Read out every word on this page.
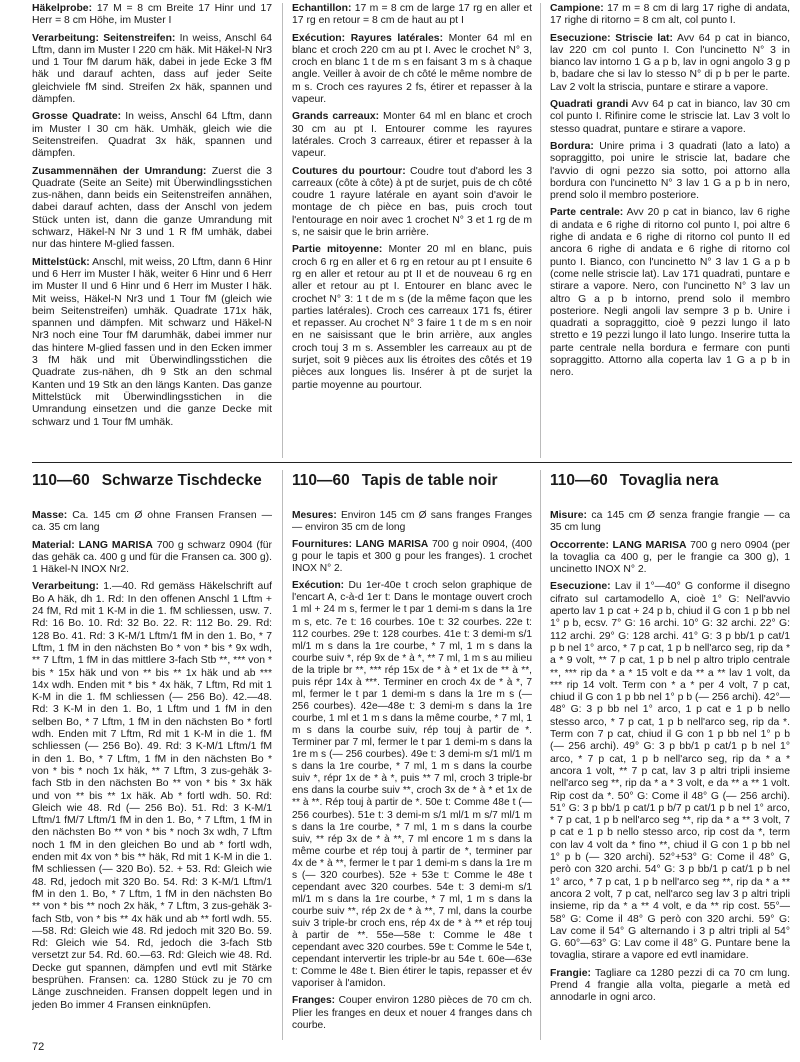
Häkelprobe: 17 M = 8 cm Breite 17 Hinr und 17 Herr = 8 cm Höhe, im Muster I

Verarbeitung: Seitenstreifen: In weiss, Anschl 64 Lftm, dann im Muster I 220 cm häk. Mit Häkel-N Nr3 und 1 Tour fM darum häk, dabei in jede Ecke 3 fM häk und darauf achten, dass auf jeder Seite gleichviele fM sind. Streifen 2x häk, spannen und dämpfen.

Grosse Quadrate: In weiss, Anschl 64 Lftm, dann im Muster I 30 cm häk. Umhäk, gleich wie die Seitenstreifen. Quadrat 3x häk, spannen und dämpfen.

Zusammennähen der Umrandung: Zuerst die 3 Quadrate (Seite an Seite) mit Überwindlingsstichen zus-nähen, dann beids ein Seitenstreifen annähen, dabei darauf achten, dass der Anschl von jedem Stück unten ist, dann die ganze Umrandung mit schwarz, Häkel-N Nr 3 und 1 R fM umhäk, dabei nur das hintere M-glied fassen.

Mittelstück: Anschl, mit weiss, 20 Lftm, dann 6 Hinr und 6 Herr im Muster I häk, weiter 6 Hinr und 6 Herr im Muster II und 6 Hinr und 6 Herr im Muster I häk. Mit weiss, Häkel-N Nr3 und 1 Tour fM (gleich wie beim Seitenstreifen) umhäk. Quadrate 171x häk, spannen und dämpfen. Mit schwarz und Häkel-N Nr3 noch eine Tour fM darumhäk, dabei immer nur das hintere M-glied fassen und in den Ecken immer 3 fM häk und mit Überwindlingsstichen die Quadrate zus-nähen, dh 9 Stk an den schmal Kanten und 19 Stk an den längs Kanten. Das ganze Mittelstück mit Überwindlingsstichen in die Umrandung einsetzen und die ganze Decke mit schwarz und 1 Tour fM umhäk.

Echantillon: 17 m = 8 cm de large 17 rg en aller et 17 rg en retour = 8 cm de haut au pt I

Exécution: Rayures latérales: Monter 64 ml en blanc et croch 220 cm au pt I. Avec le crochet N° 3, croch en blanc 1 t de m s en faisant 3 m s à chaque angle. Veiller à avoir de ch côté le même nombre de m s. Croch ces rayures 2 fs, étirer et repasser à la vapeur.

Grands carreaux: Monter 64 ml en blanc et croch 30 cm au pt I. Entourer comme les rayures latérales. Croch 3 carreaux, étirer et repasser à la vapeur.

Coutures du pourtour: Coudre tout d'abord les 3 carreaux (côte à côte) à pt de surjet, puis de ch côté coudre 1 rayure latérale en ayant soin d'avoir le montage de ch pièce en bas, puis croch tout l'entourage en noir avec 1 crochet N° 3 et 1 rg de m s, ne saisir que le brin arrière.

Partie mitoyenne: Monter 20 ml en blanc, puis croch 6 rg en aller et 6 rg en retour au pt I ensuite 6 rg en aller et retour au pt II et de nouveau 6 rg en aller et retour au pt I. Entourer en blanc avec le crochet N° 3: 1 t de m s (de la même façon que les parties latérales). Croch ces carreaux 171 fs, étirer et repasser. Au crochet N° 3 faire 1 t de m s en noir en ne saisissant que le brin arrière, aux angles croch touj 3 m s. Assembler les carreaux au pt de surjet, soit 9 pièces aux lis étroites des côtés et 19 pièces aux longues lis. Insérer à pt de surjet la partie moyenne au pourtour.

Campione: 17 m = 8 cm di larg 17 righe di andata, 17 righe di ritorno = 8 cm alt, col punto I.

Esecuzione: Striscie lat: Avv 64 p cat in bianco, lav 220 cm col punto I. Con l'uncinetto N° 3 in bianco lav intorno 1 G a p b, lav in ogni angolo 3 g p b, badare che si lav lo stesso N° di p b per le parte. Lav 2 volt la striscia, puntare e stirare a vapore.

Quadrati grandi Avv 64 p cat in bianco, lav 30 cm col punto I. Rifinire come le striscie lat. Lav 3 volt lo stesso quadrat, puntare e stirare a vapore.

Bordura: Unire prima i 3 quadrati (lato a lato) a sopraggitto, poi unire le striscie lat, badare che l'avvio di ogni pezzo sia sotto, poi attorno alla bordura con l'uncinetto N° 3 lav 1 G a p b in nero, prend solo il membro posteriore.

Parte centrale: Avv 20 p cat in bianco, lav 6 righe di andata e 6 righe di ritorno col punto I, poi altre 6 righe di andata e 6 righe di ritorno col punto II ed ancora 6 righe di andata e 6 righe di ritorno col punto I. Bianco, con l'uncinetto N° 3 lav 1 G a p b (come nelle striscie lat). Lav 171 quadrati, puntare e stirare a vapore. Nero, con l'uncinetto N° 3 lav un altro G a p b intorno, prend solo il membro posteriore. Negli angoli lav sempre 3 p b. Unire i quadrati a sopraggitto, cioè 9 pezzi lungo il lato stretto e 19 pezzi lungo il lato lungo. Inserire tutta la parte centrale nella bordura e fermare con punti sopraggitto. Attorno alla coperta lav 1 G a p b in nero.

110—60 Schwarze Tischdecke	110—60 Tapis de table noir	110—60 Tovaglia nera

Masse: Ca. 145 cm Ø ohne Fransen Fransen — ca. 35 cm lang

Material: LANG MARISA 700 g schwarz 0904 (für das gehäk ca. 400 g und für die Fransen ca. 300 g). 1 Häkel-N INOX Nr2.

Verarbeitung: 1.—40. Rd gemäss Häkelschrift auf Bo A häk, dh 1. Rd: In den offenen Anschl 1 Lftm + 24 fM, Rd mit 1 K-M in die 1. fM schliessen, usw. 7. Rd: 16 Bo. 10. Rd: 32 Bo. 22. R: 112 Bo. 29. Rd: 128 Bo. 41. Rd: 3 K-M/1 Lftm/1 fM in den 1. Bo, * 7 Lftm, 1 fM in den nächsten Bo * von * bis * 9x wdh, ** 7 Lftm, 1 fM in das mittlere 3-fach Stb **, *** von * bis * 15x häk und von ** bis ** 1x häk und ab *** 14x wdh. Enden mit * bis * 4x häk, 7 Lftm, Rd mit 1 K-M in die 1. fM schliessen (— 256 Bo). 42.—48. Rd: 3 K-M in den 1. Bo, 1 Lftm und 1 fM in den selben Bo, * 7 Lftm, 1 fM in den nächsten Bo * fortl wdh. Enden mit 7 Lftm, Rd mit 1 K-M in die 1. fM schliessen (— 256 Bo). 49. Rd: 3 K-M/1 Lftm/1 fM in den 1. Bo, * 7 Lftm, 1 fM in den nächsten Bo * von * bis * noch 1x häk, ** 7 Lftm, 3 zus-gehäk 3-fach Stb in den nächsten Bo ** von * bis * 3x häk und von ** bis ** 1x häk. Ab * fortl wdh. 50. Rd: Gleich wie 48. Rd (— 256 Bo). 51. Rd: 3 K-M/1 Lftm/1 fM/7 Lftm/1 fM in den 1. Bo, * 7 Lftm, 1 fM in den nächsten Bo ** von * bis * noch 3x wdh, 7 Lftm noch 1 fM in den gleichen Bo und ab * fortl wdh, enden mit 4x von * bis ** häk, Rd mit 1 K-M in die 1. fM schliessen (— 320 Bo). 52. + 53. Rd: Gleich wie 48. Rd, jedoch mit 320 Bo. 54. Rd: 3 K-M/1 Lftm/1 fM in den 1. Bo, * 7 Lftm, 1 fM in den nächsten Bo ** von * bis ** noch 2x häk, * 7 Lftm, 3 zus-gehäk 3-fach Stb, von * bis ** 4x häk und ab ** fortl wdh. 55.—58. Rd: Gleich wie 48. Rd jedoch mit 320 Bo. 59. Rd: Gleich wie 54. Rd, jedoch die 3-fach Stb versetzt zur 54. Rd. 60.—63. Rd: Gleich wie 48. Rd. Decke gut spannen, dämpfen und evtl mit Stärke besprühen. Fransen: ca. 1280 Stück zu je 70 cm Länge zuschneiden. Fransen doppelt legen und in jeden Bo immer 4 Fransen einknüpfen.

Mesures: Environ 145 cm Ø sans franges Franges — environ 35 cm de long

Fournitures: LANG MARISA 700 g noir 0904, (400 g pour le tapis et 300 g pour les franges). 1 crochet INOX N° 2.

Exécution: Du 1er-40e t croch selon graphique de l'encart A, c-à-d 1er t: Dans le montage ouvert croch 1 ml + 24 m s, fermer le t par 1 demi-m s dans la 1re m s, etc. 7e t: 16 courbes. 10e t: 32 courbes. 22e t: 112 courbes. 29e t: 128 courbes. 41e t: 3 demi-m s/1 ml/1 m s dans la 1re courbe, * 7 ml, 1 m s dans la courbe suiv *, rép 9x de * à *, ** 7 ml, 1 m s au milieu de la triple br **, *** rép 15x de * à * et 1x de ** à **, puis répr 14x à ***. Terminer en croch 4x de * à *, 7 ml, fermer le t par 1 demi-m s dans la 1re m s (— 256 courbes). 42e—48e t: 3 demi-m s dans la 1re courbe, 1 ml et 1 m s dans la même courbe, * 7 ml, 1 m s dans la courbe suiv, rép touj à partir de *. Terminer par 7 ml, fermer le t par 1 demi-m s dans la 1re m s (— 256 courbes). 49e t: 3 demi-m s/1 ml/1 m s dans la 1re courbe, * 7 ml, 1 m s dans la courbe suiv *, répr 1x de * à *, puis ** 7 ml, croch 3 triple-br ens dans la courbe suiv **, croch 3x de * à * et 1x de ** à **. Rép touj à partir de *. 50e t: Comme 48e t (— 256 courbes). 51e t: 3 demi-m s/1 ml/1 m s/7 ml/1 m s dans la 1re courbe, * 7 ml, 1 m s dans la courbe suiv, ** rép 3x de * à **, 7 ml encore 1 m s dans la même courbe et rép touj à partir de *, terminer par 4x de * à **, fermer le t par 1 demi-m s dans la 1re m s (— 320 courbes). 52e + 53e t: Comme le 48e t cependant avec 320 courbes. 54e t: 3 demi-m s/1 ml/1 m s dans la 1re courbe, * 7 ml, 1 m s dans la courbe suiv **, rép 2x de * à **, 7 ml, dans la courbe suiv 3 triple-br croch ens, rép 4x de * à ** et rép touj à partir de **. 55e—58e t: Comme le 48e t cependant avec 320 courbes. 59e t: Comme le 54e t, cependant intervertir les triple-br au 54e t. 60e—63e t: Comme le 48e t. Bien étirer le tapis, repasser et év vaporiser à l'amidon.

Franges: Couper environ 1280 pièces de 70 cm ch. Plier les franges en deux et nouer 4 franges dans ch courbe.

Misure: ca 145 cm Ø senza frangie frangie — ca 35 cm lung

Occorrente: LANG MARISA 700 g nero 0904 (per la tovaglia ca 400 g, per le frangie ca 300 g), 1 uncinetto INOX N° 2.

Esecuzione: Lav il 1°—40° G conforme il disegno cifrato sul cartamodello A, cioè 1° G: Nell'avvio aperto lav 1 p cat + 24 p b, chiud il G con 1 p bb nel 1° p b, ecsv. 7° G: 16 archi. 10° G: 32 archi. 22° G: 112 archi. 29° G: 128 archi. 41° G: 3 p bb/1 p cat/1 p b nel 1° arco, * 7 p cat, 1 p b nell'arco seg, rip da * a * 9 volt, ** 7 p cat, 1 p b nel p altro triplo centrale **, *** rip da * a * 15 volt e da ** a ** lav 1 volt, da *** rip 14 volt. Term con * a * per 4 volt, 7 p cat, chiud il G con 1 p bb nel 1° p b (— 256 archi). 42°—48° G: 3 p bb nel 1° arco, 1 p cat e 1 p b nello stesso arco, * 7 p cat, 1 p b nell'arco seg, rip da *. Term con 7 p cat, chiud il G con 1 p bb nel 1° p b (— 256 archi). 49° G: 3 p bb/1 p cat/1 p b nel 1° arco, * 7 p cat, 1 p b nell'arco seg, rip da * a * ancora 1 volt, ** 7 p cat, lav 3 p altri tripli insieme nell'arco seg **, rip da * a * 3 volt, e da ** a ** 1 volt. Rip cost da *. 50° G: Come il 48° G (— 256 archi). 51° G: 3 p bb/1 p cat/1 p b/7 p cat/1 p b nel 1° arco, * 7 p cat, 1 p b nell'arco seg **, rip da * a ** 3 volt, 7 p cat e 1 p b nello stesso arco, rip cost da *, term con lav 4 volt da * fino **, chiud il G con 1 p bb nel 1° p b (— 320 archi). 52°+53° G: Come il 48° G, però con 320 archi. 54° G: 3 p bb/1 p cat/1 p b nel 1° arco, * 7 p cat, 1 p b nell'arco seg **, rip da * a ** ancora 2 volt, 7 p cat, nell'arco seg lav 3 p altri tripli insieme, rip da * a ** 4 volt, e da ** rip cost. 55°—58° G: Come il 48° G però con 320 archi. 59° G: Lav come il 54° G alternando i 3 p altri tripli al 54° G. 60°—63° G: Lav come il 48° G. Puntare bene la tovaglia, stirare a vapore ed evtl inamidare.

Frangie: Tagliare ca 1280 pezzi di ca 70 cm lung. Prend 4 frangie alla volta, piegarle a metà ed annodarle in ogni arco.

72
